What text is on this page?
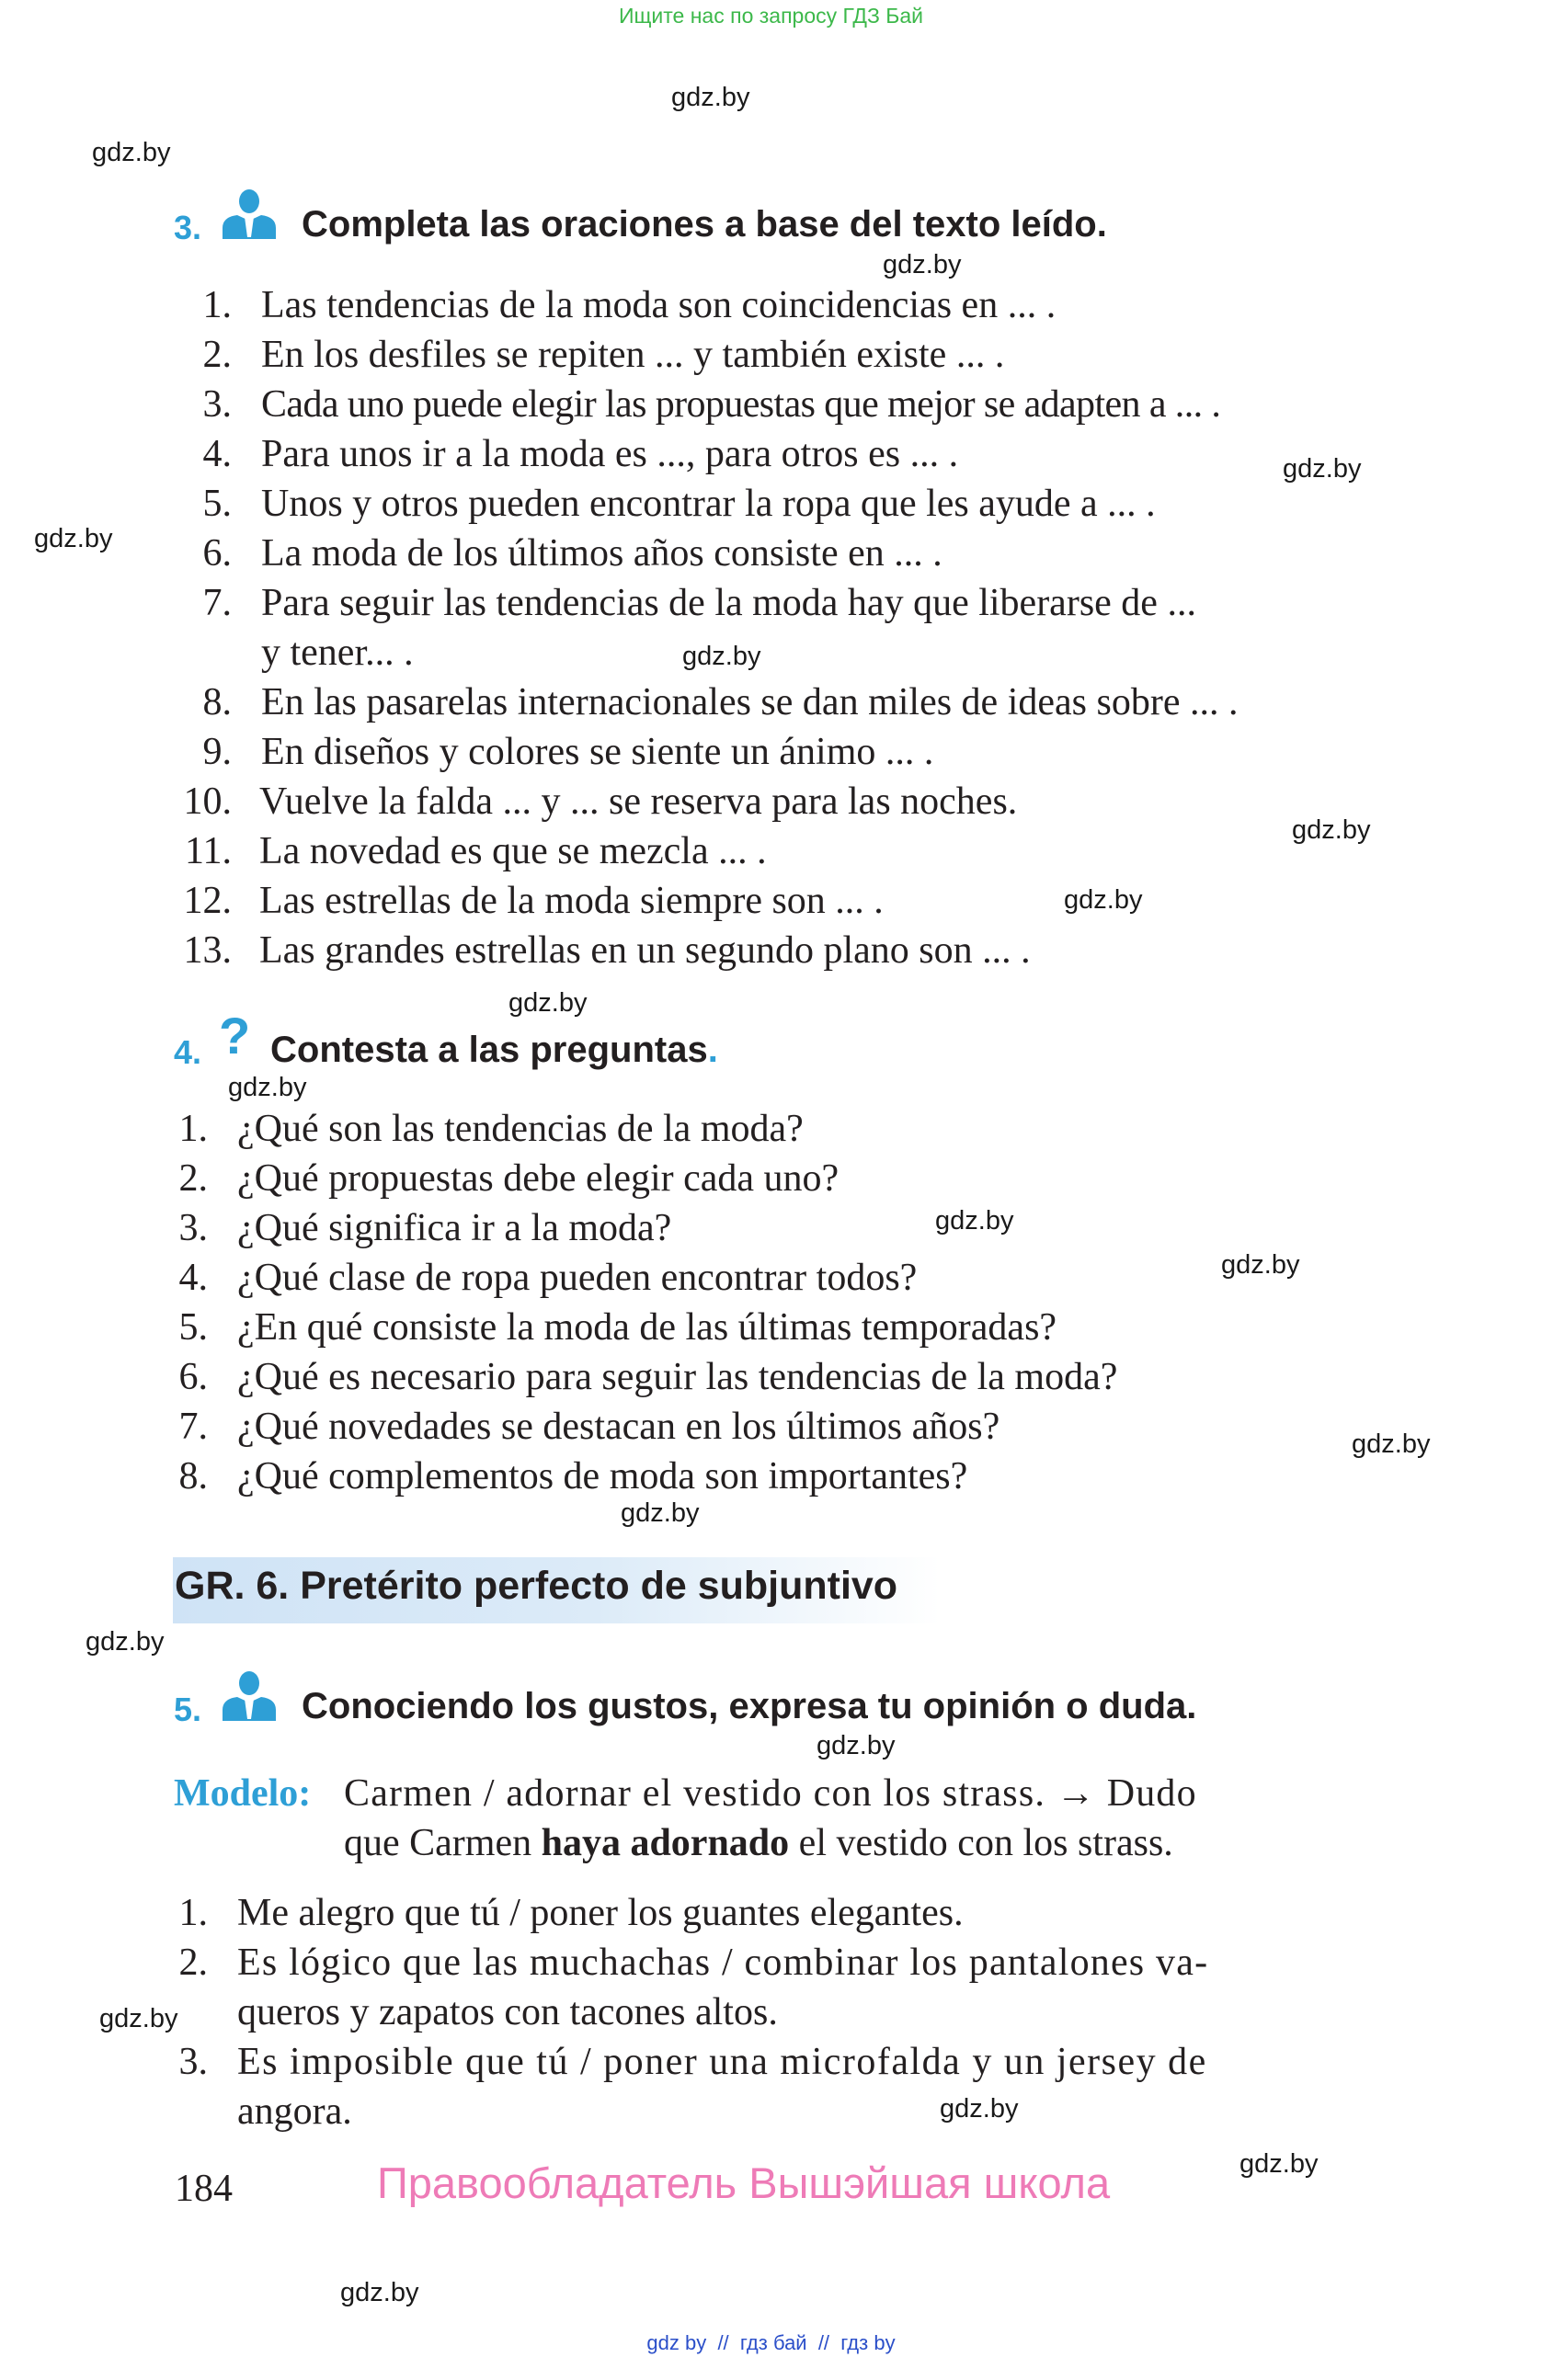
Ищите нас по запросу ГДЗ Бай
gdz.by
gdz.by
gdz.by
gdz.by
gdz.by
gdz.by
gdz.by
gdz.by
gdz.by
gdz.by
gdz.by
gdz.by
gdz.by
gdz.by
gdz.by
gdz.by
gdz.by
gdz.by
gdz.by
gdz.by
3.	Completa las oraciones a base del texto leído.
1. Las tendencias de la moda son coincidencias en ... .
2. En los desfiles se repiten ... y también existe ... .
3. Cada uno puede elegir las propuestas que mejor se adapten a ... .
4. Para unos ir a la moda es ..., para otros es ... .
5. Unos y otros pueden encontrar la ropa que les ayude a ... .
6. La moda de los últimos años consiste en ... .
7. Para seguir las tendencias de la moda hay que liberarse de ...
y tener... .
8. En las pasarelas internacionales se dan miles de ideas sobre ... .
9. En diseños y colores se siente un ánimo ... .
10. Vuelve la falda ... y ... se reserva para las noches.
11. La novedad es que se mezcla ... .
12. Las estrellas de la moda siempre son ... .
13. Las grandes estrellas en un segundo plano son ... .
4. ? Contesta a las preguntas.
1. ¿Qué son las tendencias de la moda?
2. ¿Qué propuestas debe elegir cada uno?
3. ¿Qué significa ir a la moda?
4. ¿Qué clase de ropa pueden encontrar todos?
5. ¿En qué consiste la moda de las últimas temporadas?
6. ¿Qué es necesario para seguir las tendencias de la moda?
7. ¿Qué novedades se destacan en los últimos años?
8. ¿Qué complementos de moda son importantes?
GR. 6. Pretérito perfecto de subjuntivo
5.	Conociendo los gustos, expresa tu opinión o duda.
Modelo: Carmen / adornar el vestido con los strass. → Dudo
que Carmen haya adornado el vestido con los strass.
1. Me alegro que tú / poner los guantes elegantes.
2. Es lógico que las muchachas / combinar los pantalones va-
queros y zapatos con tacones altos.
3. Es imposible que tú / poner una microfalda y un jersey de
angora.
184	Правообладатель Вышэйшая школа
gdz by  //  гдз бай  //  гдз by
